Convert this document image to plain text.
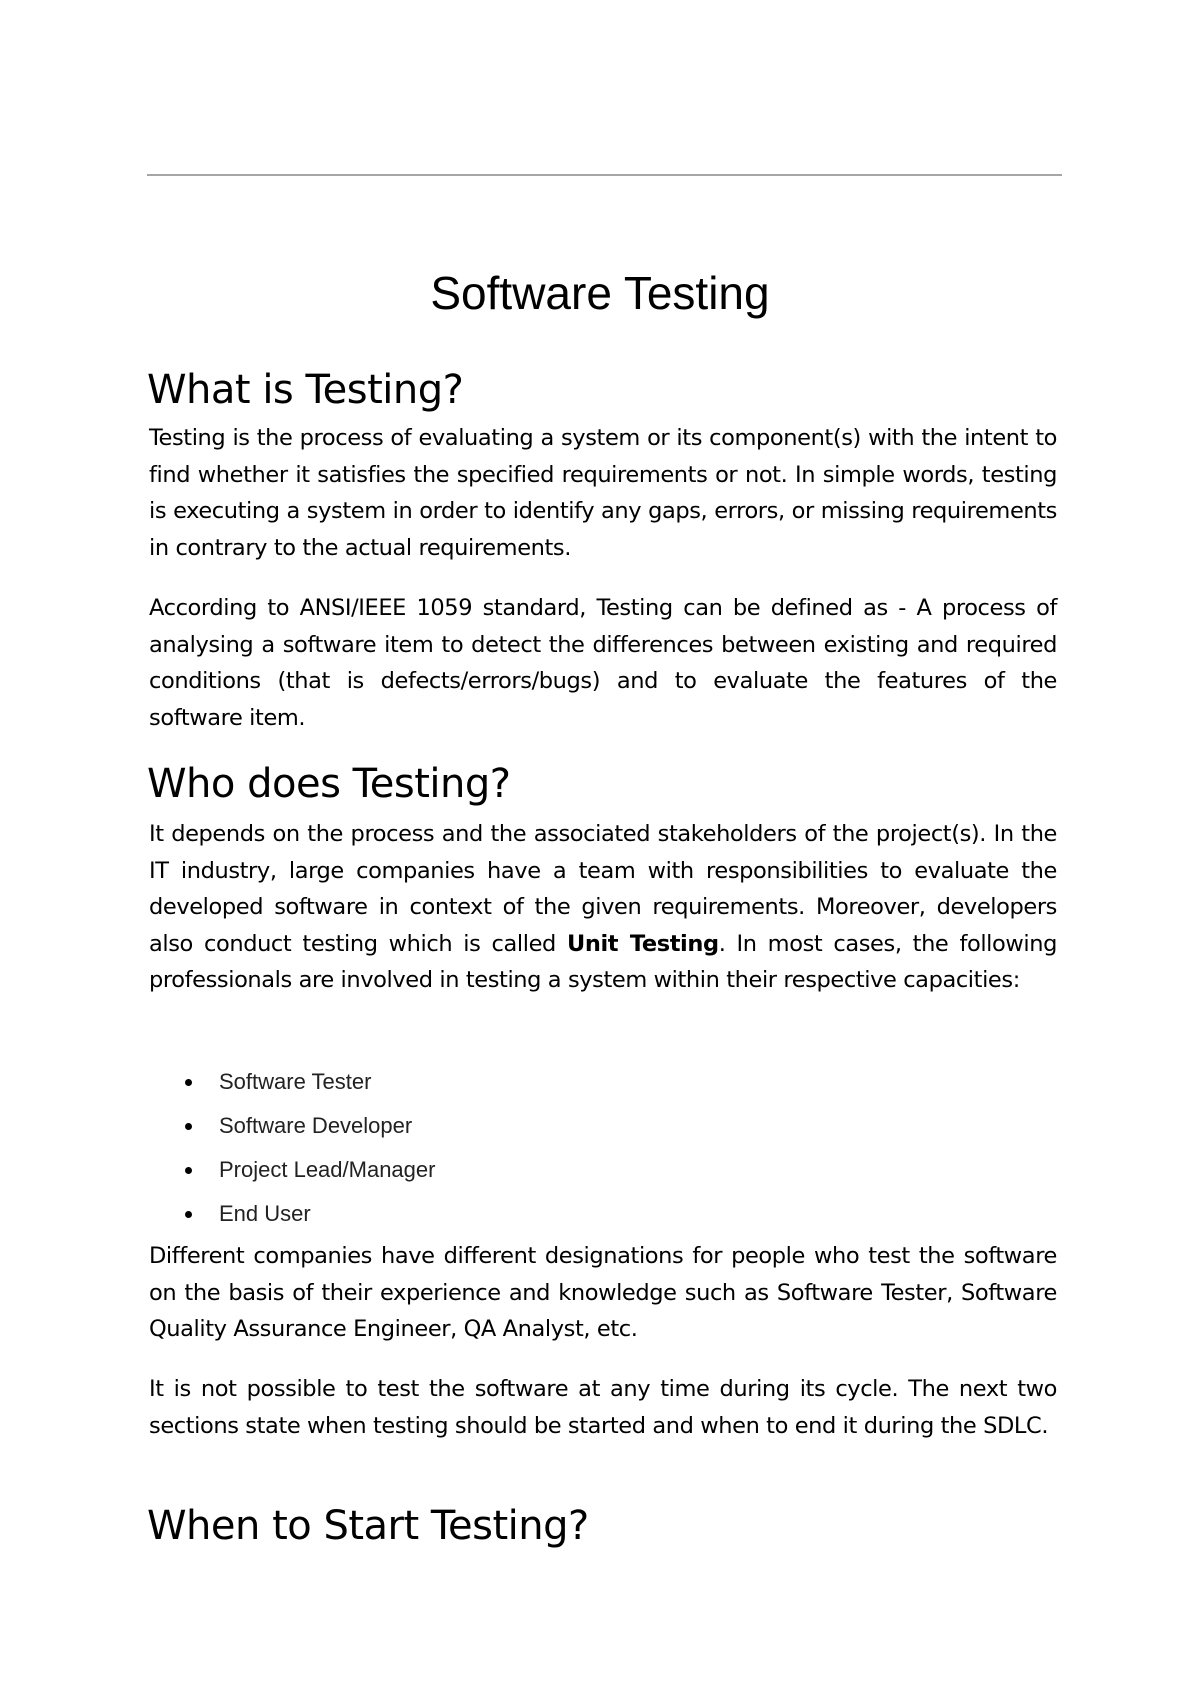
Software Testing
What is Testing?

Testing is the process of evaluating a system or its component(s) with the intent to find whether it satisfies the specified requirements or not. In simple words, testing is executing a system in order to identify any gaps, errors, or missing requirements in contrary to the actual requirements.

According to ANSI/IEEE 1059 standard, Testing can be defined as - A process of analysing a software item to detect the differences between existing and required conditions (that is defects/errors/bugs) and to evaluate the features of the software item.

Who does Testing?

It depends on the process and the associated stakeholders of the project(s). In the IT industry, large companies have a team with responsibilities to evaluate the developed software in context of the given requirements. Moreover, developers also conduct testing which is called Unit Testing. In most cases, the following professionals are involved in testing a system within their respective capacities:

Software Tester
Software Developer
Project Lead/Manager
End User

Different companies have different designations for people who test the software on the basis of their experience and knowledge such as Software Tester, Software Quality Assurance Engineer, QA Analyst, etc.

It is not possible to test the software at any time during its cycle. The next two sections state when testing should be started and when to end it during the SDLC.

When to Start Testing?
